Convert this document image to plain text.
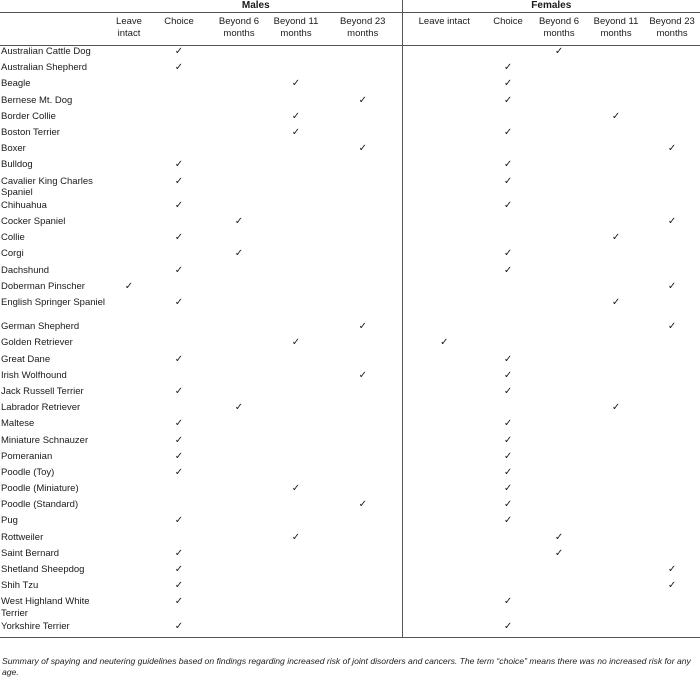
	Males					Females				
	Leave intact	Choice	Beyond 6 months	Beyond 11 months	Beyond 23 months	Leave intact	Choice	Beyond 6 months	Beyond 11 months	Beyond 23 months
Australian Cattle Dog		✓						✓		
Australian Shepherd		✓					✓			
Beagle				✓			✓			
Bernese Mt. Dog					✓		✓			
Border Collie				✓					✓	
Boston Terrier				✓			✓			
Boxer					✓					✓
Bulldog		✓					✓			
Cavalier King Charles Spaniel		✓					✓			
Chihuahua		✓					✓			
Cocker Spaniel			✓							✓
Collie		✓							✓	
Corgi			✓				✓			
Dachshund		✓					✓			
Doberman Pinscher	✓									✓
English Springer Spaniel		✓							✓	
German Shepherd					✓					✓
Golden Retriever				✓		✓				
Great Dane		✓					✓			
Irish Wolfhound					✓		✓			
Jack Russell Terrier		✓					✓			
Labrador Retriever			✓						✓	
Maltese		✓					✓			
Miniature Schnauzer		✓					✓			
Pomeranian		✓					✓			
Poodle (Toy)		✓					✓			
Poodle (Miniature)				✓			✓			
Poodle (Standard)					✓		✓			
Pug		✓					✓			
Rottweiler				✓				✓		
Saint Bernard		✓						✓		
Shetland Sheepdog		✓								✓
Shih Tzu		✓								✓
West Highland White Terrier		✓					✓			
Yorkshire Terrier		✓					✓			
Summary of spaying and neutering guidelines based on findings regarding increased risk of joint disorders and cancers. The term “choice” means there was no increased risk for any age.
